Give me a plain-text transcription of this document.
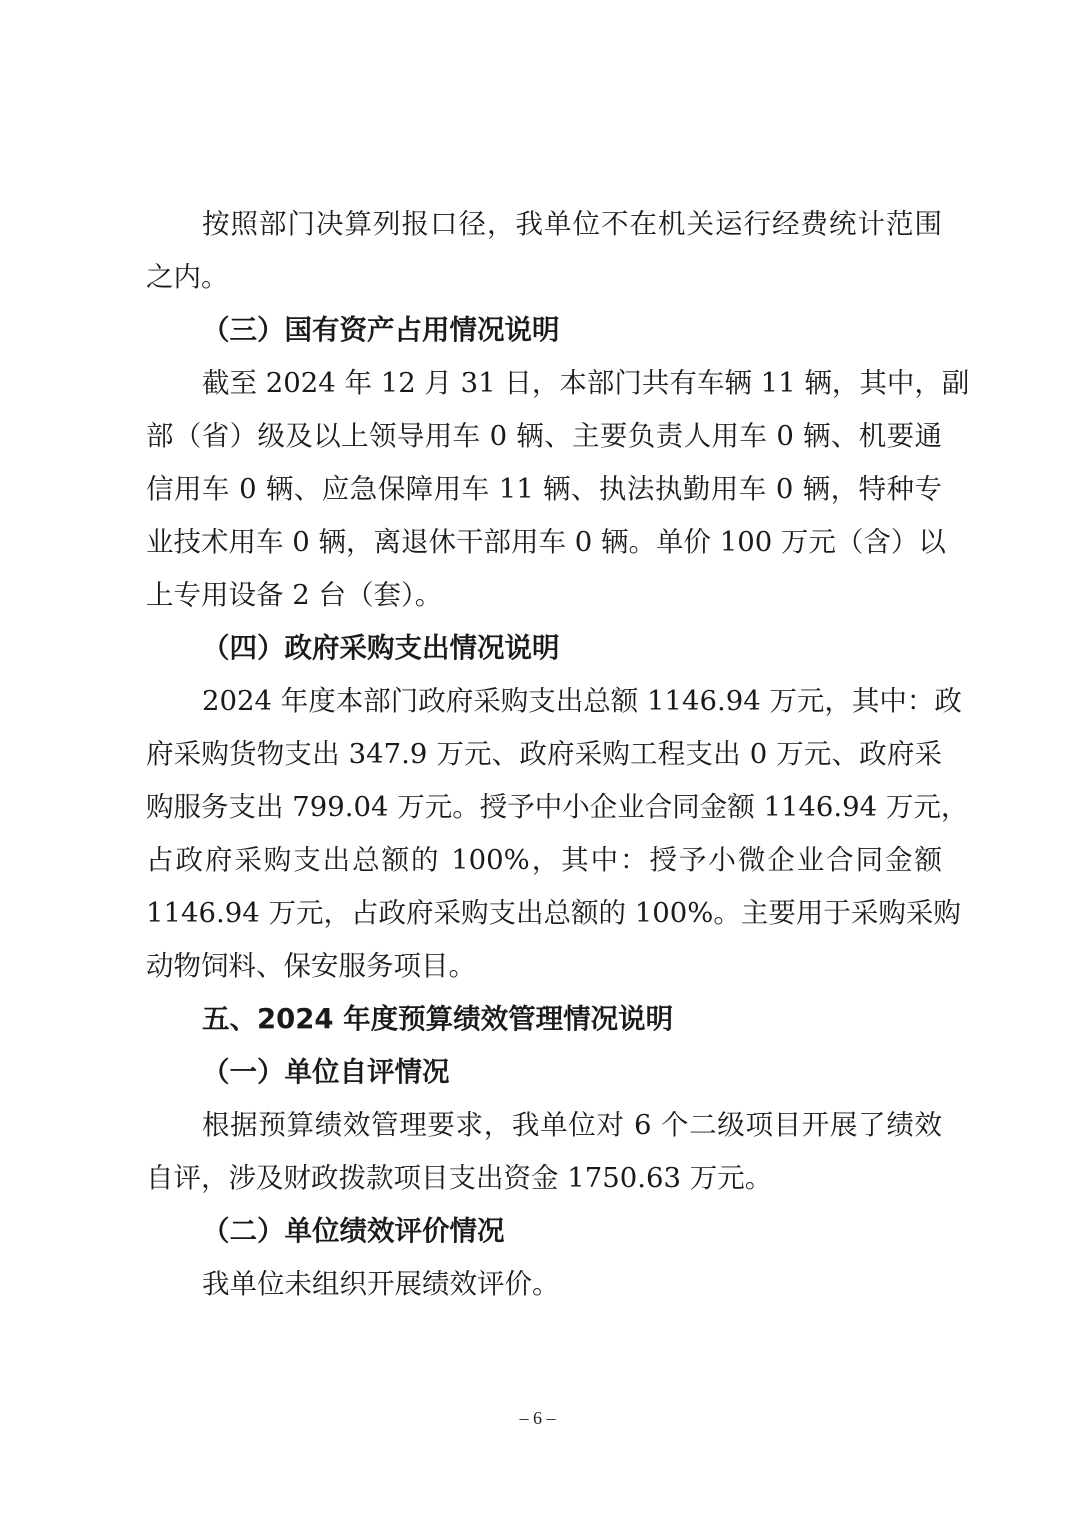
按照部门决算列报口径，我单位不在机关运行经费统计范围
之内。
（三）国有资产占用情况说明
截至 2024 年 12 月 31 日，本部门共有车辆 11 辆，其中，副
部（省）级及以上领导用车 0 辆、主要负责人用车 0 辆、机要通
信用车 0 辆、应急保障用车 11 辆、执法执勤用车 0 辆，特种专
业技术用车 0 辆，离退休干部用车 0 辆。单价 100 万元（含）以
上专用设备 2 台（套）。
（四）政府采购支出情况说明
2024 年度本部门政府采购支出总额 1146.94 万元，其中：政
府采购货物支出 347.9 万元、政府采购工程支出 0 万元、政府采
购服务支出 799.04 万元。授予中小企业合同金额 1146.94 万元，
占政府采购支出总额的 100%，其中：授予小微企业合同金额
1146.94 万元，占政府采购支出总额的 100%。主要用于采购采购
动物饲料、保安服务项目。
五、2024 年度预算绩效管理情况说明
（一）单位自评情况
根据预算绩效管理要求，我单位对 6 个二级项目开展了绩效
自评，涉及财政拨款项目支出资金 1750.63 万元。
（二）单位绩效评价情况
我单位未组织开展绩效评价。
– 6 –
